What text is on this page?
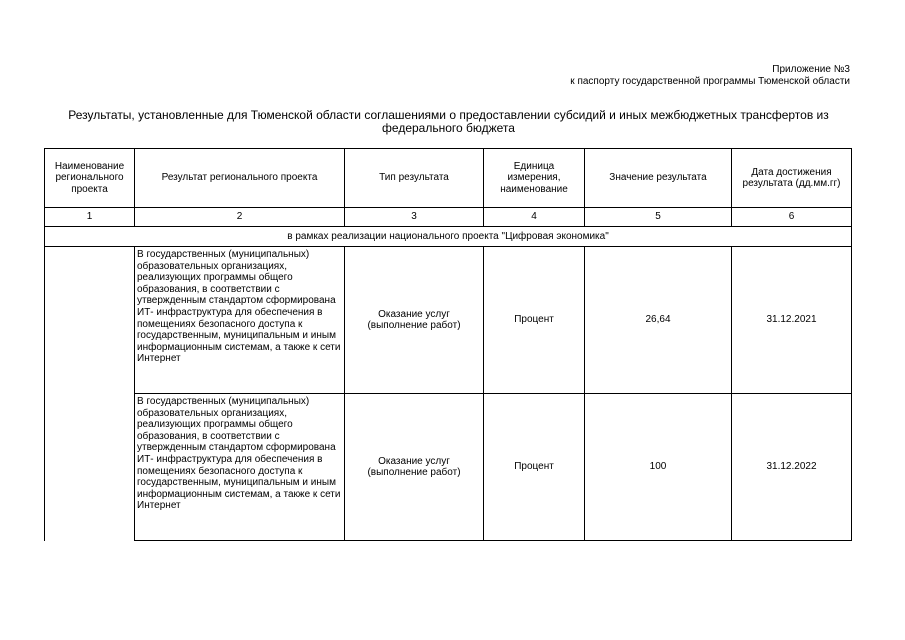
Приложение №3
к паспорту государственной программы Тюменской области
Результаты, установленные для Тюменской области соглашениями о предоставлении субсидий и иных межбюджетных трансфертов из федерального бюджета
Наименование регионального проекта	Результат регионального проекта	Тип результата	Единица измерения, наименование	Значение результата	Дата достижения результата (дд.мм.гг)
1	2	3	4	5	6
в рамках реализации национального проекта "Цифровая экономика"					
	В государственных (муниципальных) образовательных организациях, реализующих программы общего образования, в соответствии с утвержденным стандартом сформирована ИТ- инфраструктура для обеспечения в помещениях безопасного доступа к государственным, муниципальным и иным информационным системам, а также к сети Интернет	Оказание услуг (выполнение работ)	Процент	26,64	31.12.2021
	В государственных (муниципальных) образовательных организациях, реализующих программы общего образования, в соответствии с утвержденным стандартом сформирована ИТ- инфраструктура для обеспечения в помещениях безопасного доступа к государственным, муниципальным и иным информационным системам, а также к сети Интернет	Оказание услуг (выполнение работ)	Процент	100	31.12.2022
